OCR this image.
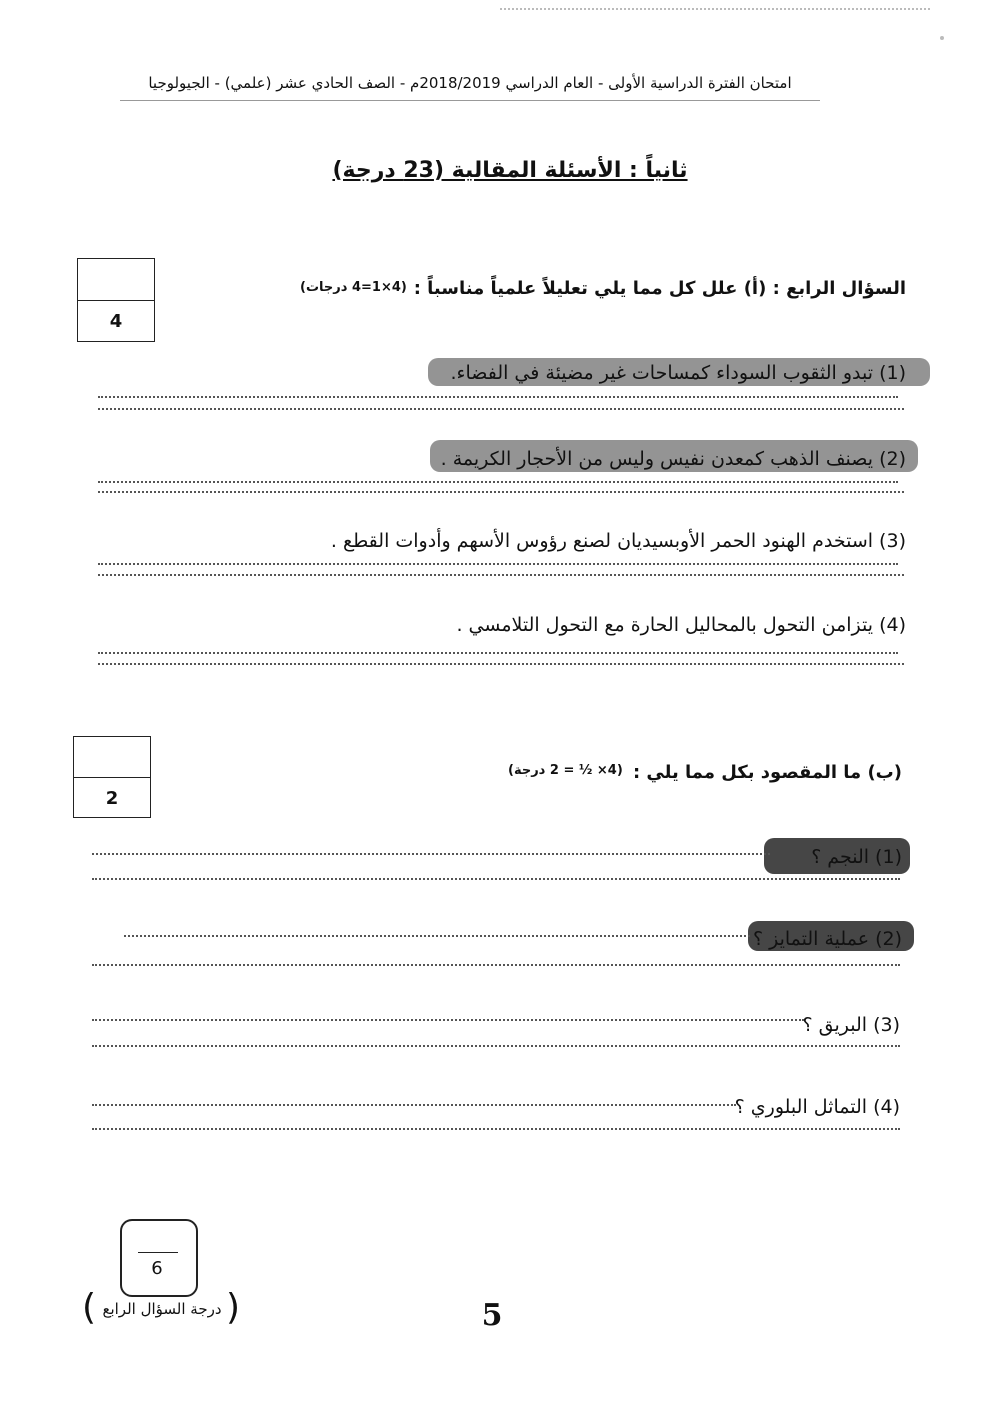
امتحان الفترة الدراسية الأولى - العام الدراسي 2018/2019م - الصف الحادي عشر (علمي) - الجيولوجيا
ثانياً : الأسئلة المقالية (23 درجة)
4
السؤال الرابع : (أ) علل كل مما يلي تعليلاً علمياً مناسباً :
(4×1=4 درجات)
(1) تبدو الثقوب السوداء كمساحات غير مضيئة في الفضاء.
(2) يصنف الذهب كمعدن نفيس وليس من الأحجار الكريمة .
(3) استخدم الهنود الحمر الأوبسيديان لصنع رؤوس الأسهم وأدوات القطع .
(4) يتزامن التحول بالمحاليل الحارة مع التحول التلامسي .
2
(ب) ما المقصود بكل مما يلي :
(4× ½ = 2 درجة)
(1) النجم ؟
(2) عملية التمايز ؟
(3) البريق ؟
(4) التماثل البلوري ؟
6
(	)
درجة السؤال الرابع	5
